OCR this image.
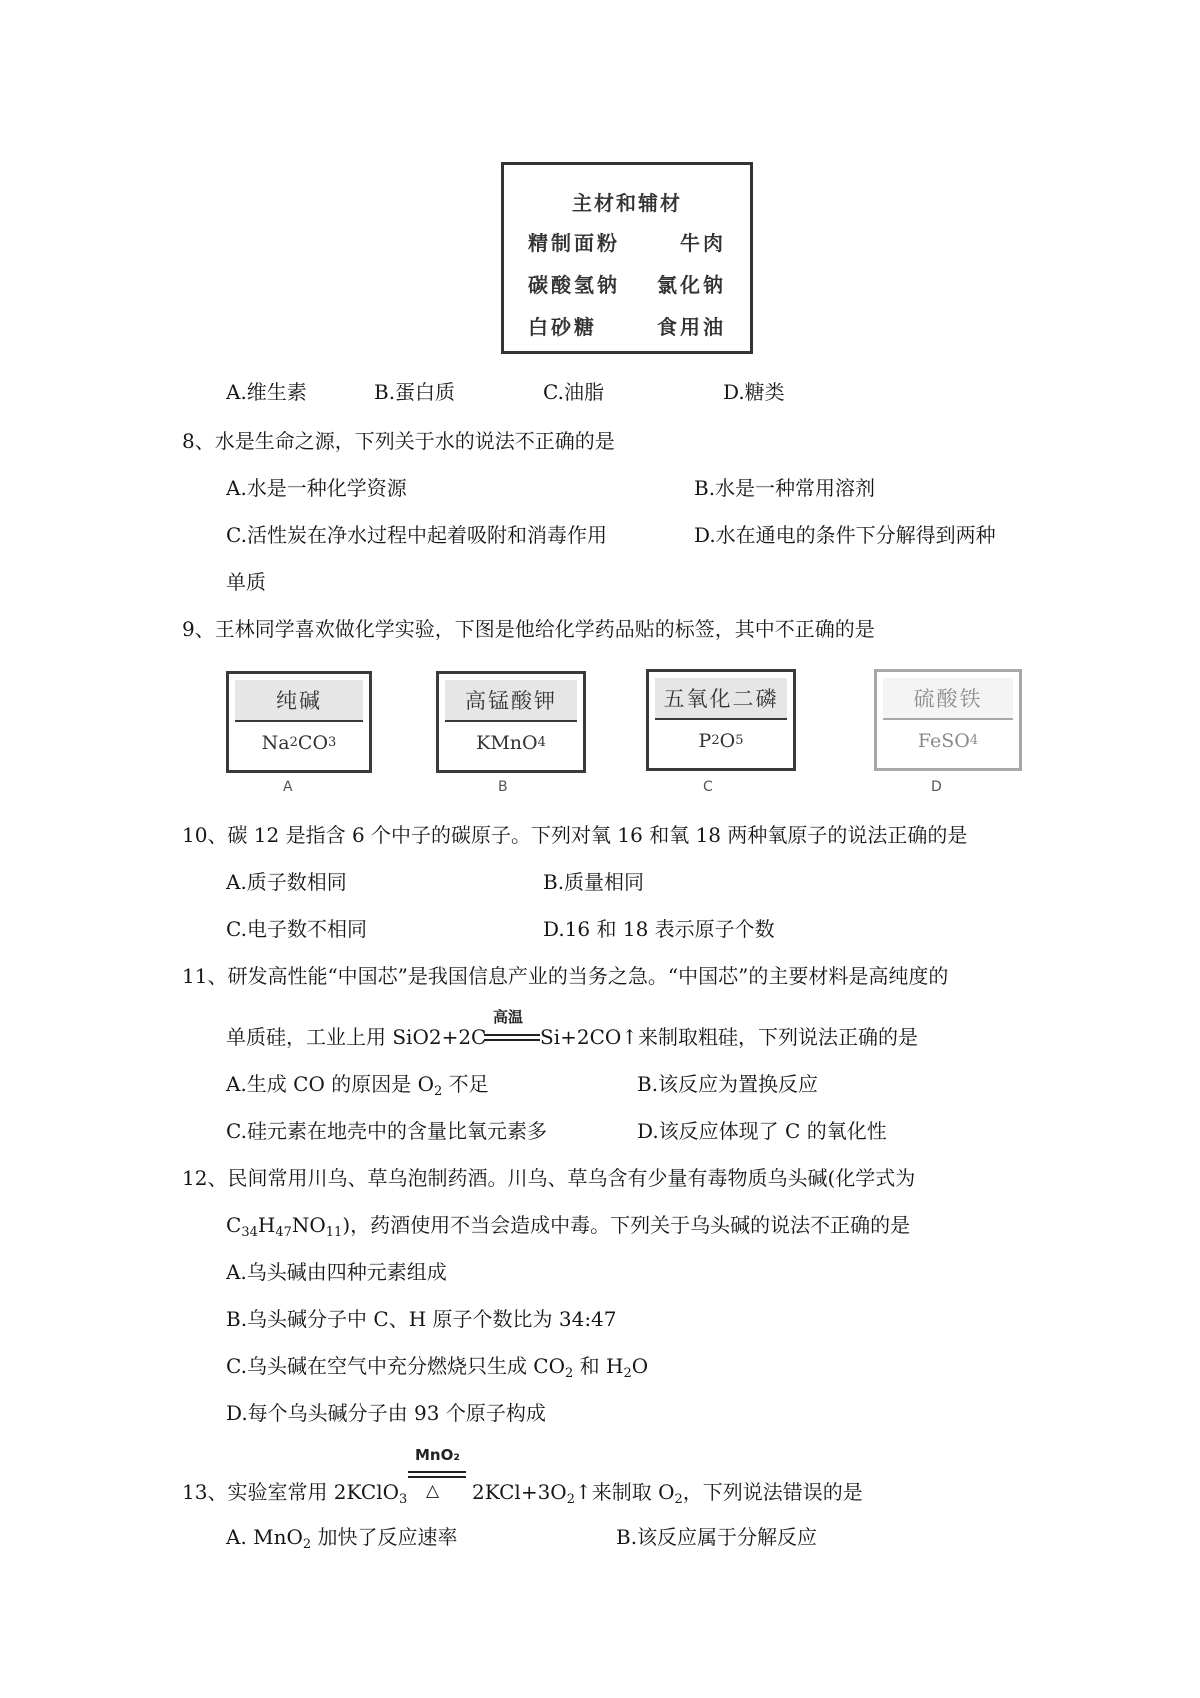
主材和辅材
精制面粉	牛肉
碳酸氢钠 氯化钠
白砂糖	食用油
A.维生素	B.蛋白质	C.油脂	D.糖类
8、水是生命之源，下列关于水的说法不正确的是
A.水是一种化学资源	B.水是一种常用溶剂
C.活性炭在净水过程中起着吸附和消毒作用	D.水在通电的条件下分解得到两种
单质
9、王林同学喜欢做化学实验，下图是他给化学药品贴的标签，其中不正确的是
纯碱
Na 2 CO 3
A
高锰酸钾
KMnO 4
B
五氧化二磷
P 2 O 5
C
硫酸铁
FeSO 4
D
10、碳 12 是指含 6 个中子的碳原子。下列对氧 16 和氧 18 两种氧原子的说法正确的是
A.质子数相同	B.质量相同
C.电子数不相同	D.16 和 18 表示原子个数
11、研发高性能“中国芯”是我国信息产业的当务之急。“中国芯”的主要材料是高纯度的
单质硅，工业上用 SiO2+2C
高温
Si+2CO↑来制取粗硅，下列说法正确的是
A.生成 CO 的原因是 $O_2$ 不足	B.该反应为置换反应
C.硅元素在地壳中的含量比氧元素多	D.该反应体现了 C 的氧化性
12、民间常用川乌、草乌泡制药酒。川乌、草乌含有少量有毒物质乌头碱(化学式为
$C_{34}H_{47}NO_{11}$)，药酒使用不当会造成中毒。下列关于乌头碱的说法不正确的是
A.乌头碱由四种元素组成
B.乌头碱分子中 C、H 原子个数比为 34:47
C.乌头碱在空气中充分燃烧只生成 $CO_2$ 和 $H_2O$
D.每个乌头碱分子由 93 个原子构成
MnO₂
△
13、实验室常用 2KClO$_3$	$2KCl+3O_2↑$来制取 $O_2$，下列说法错误的是
A. MnO$_2$ 加快了反应速率	B.该反应属于分解反应
